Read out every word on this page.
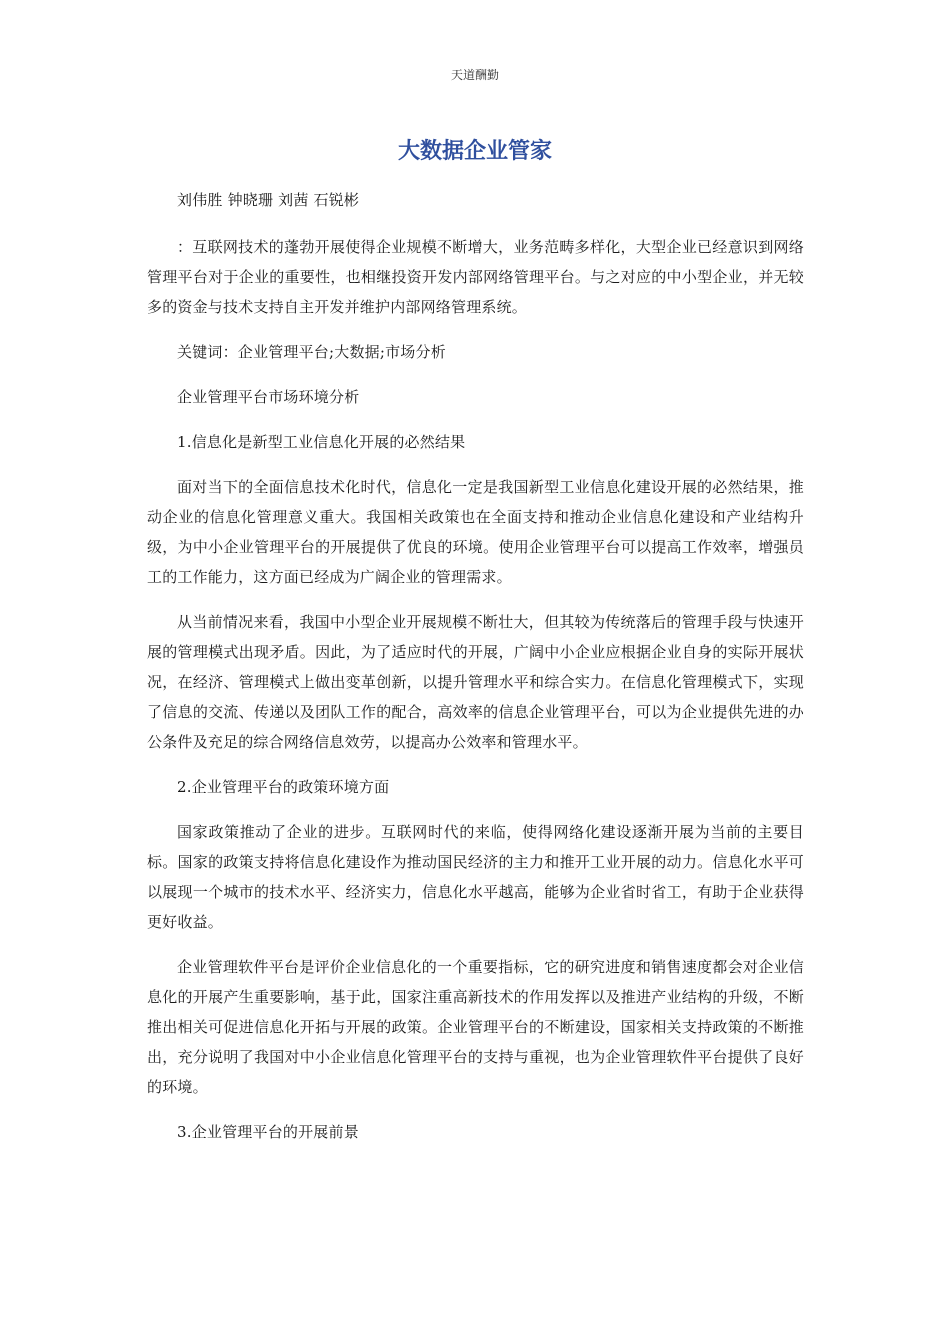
天道酬勤
大数据企业管家

刘伟胜 钟晓珊 刘茜 石锐彬

：互联网技术的蓬勃开展使得企业规模不断增大，业务范畴多样化，大型企业已经意识到网络管理平台对于企业的重要性，也相继投资开发内部网络管理平台。与之对应的中小型企业，并无较多的资金与技术支持自主开发并维护内部网络管理系统。

关键词：企业管理平台;大数据;市场分析

企业管理平台市场环境分析

1.信息化是新型工业信息化开展的必然结果

面对当下的全面信息技术化时代，信息化一定是我国新型工业信息化建设开展的必然结果，推动企业的信息化管理意义重大。我国相关政策也在全面支持和推动企业信息化建设和产业结构升级，为中小企业管理平台的开展提供了优良的环境。使用企业管理平台可以提高工作效率，增强员工的工作能力，这方面已经成为广阔企业的管理需求。

从当前情况来看，我国中小型企业开展规模不断壮大，但其较为传统落后的管理手段与快速开展的管理模式出现矛盾。因此，为了适应时代的开展，广阔中小企业应根据企业自身的实际开展状况，在经济、管理模式上做出变革创新，以提升管理水平和综合实力。在信息化管理模式下，实现了信息的交流、传递以及团队工作的配合，高效率的信息企业管理平台，可以为企业提供先进的办公条件及充足的综合网络信息效劳，以提高办公效率和管理水平。

2.企业管理平台的政策环境方面

国家政策推动了企业的进步。互联网时代的来临，使得网络化建设逐渐开展为当前的主要目标。国家的政策支持将信息化建设作为推动国民经济的主力和推开工业开展的动力。信息化水平可以展现一个城市的技术水平、经济实力，信息化水平越高，能够为企业省时省工，有助于企业获得更好收益。

企业管理软件平台是评价企业信息化的一个重要指标，它的研究进度和销售速度都会对企业信息化的开展产生重要影响，基于此，国家注重高新技术的作用发挥以及推进产业结构的升级，不断推出相关可促进信息化开拓与开展的政策。企业管理平台的不断建设，国家相关支持政策的不断推出，充分说明了我国对中小企业信息化管理平台的支持与重视，也为企业管理软件平台提供了良好的环境。

3.企业管理平台的开展前景
